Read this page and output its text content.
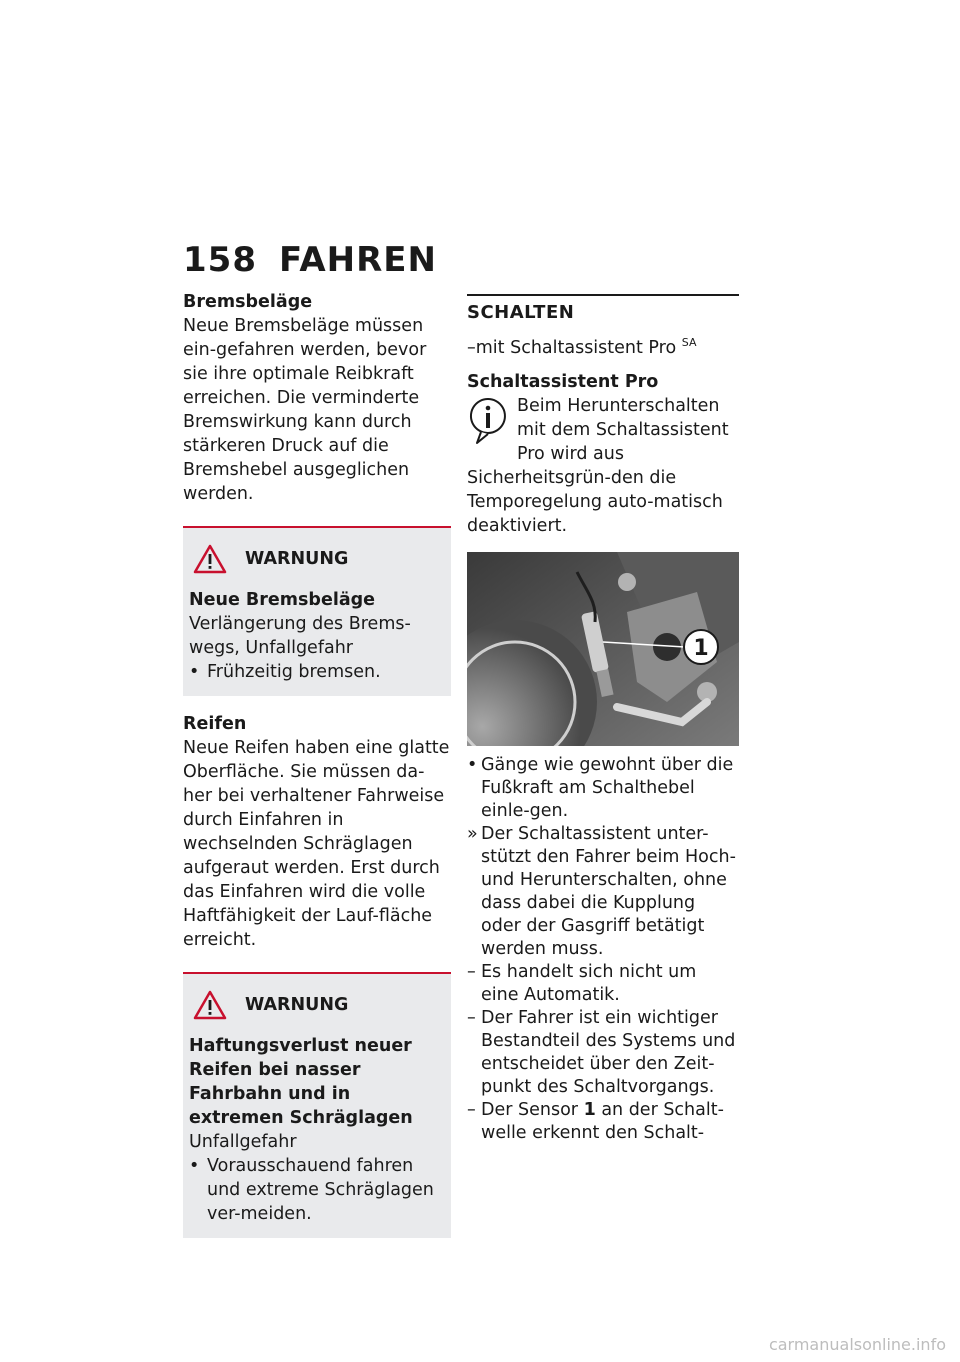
158 FAHREN
Bremsbeläge

Neue Bremsbeläge müssen ein-gefahren werden, bevor sie ihre optimale Reibkraft erreichen. Die verminderte Bremswirkung kann durch stärkeren Druck auf die Bremshebel ausgeglichen werden.

WARNUNG
Neue Bremsbeläge

Verlängerung des Brems-wegs, Unfallgefahr

• Frühzeitig bremsen.
Reifen

Neue Reifen haben eine glatte Oberfläche. Sie müssen da-her bei verhaltener Fahrweise durch Einfahren in wechselnden Schräglagen aufgeraut werden. Erst durch das Einfahren wird die volle Haftfähigkeit der Lauf-fläche erreicht.

WARNUNG
Haftungsverlust neuer Reifen bei nasser Fahrbahn und in extremen Schräglagen

Unfallgefahr

• Vorausschauend fahren und extreme Schräglagen ver-meiden.
SCHALTEN

–mit Schaltassistent Pro $^{SA}$

Schaltassistent Pro

Beim Herunterschalten mit dem Schaltassistent Pro wird aus Sicherheitsgrün-den die Temporegelung auto-matisch deaktiviert.

1
• Gänge wie gewohnt über die Fußkraft am Schalthebel einle-gen.
» Der Schaltassistent unter-stützt den Fahrer beim Hoch- und Herunterschalten, ohne dass dabei die Kupplung oder der Gasgriff betätigt werden muss.
– Es handelt sich nicht um eine Automatik.
– Der Fahrer ist ein wichtiger Bestandteil des Systems und entscheidet über den Zeit-punkt des Schaltvorgangs.
– Der Sensor 1 an der Schalt-welle erkennt den Schalt-
carmanualsonline.info
